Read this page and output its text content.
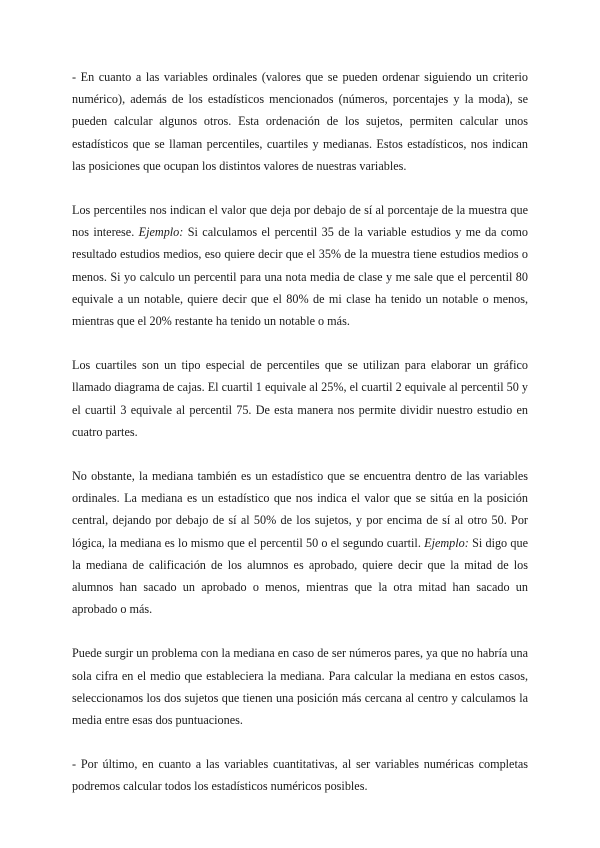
- En cuanto a las variables ordinales (valores que se pueden ordenar siguiendo un criterio numérico), además de los estadísticos mencionados (números, porcentajes y la moda), se pueden calcular algunos otros. Esta ordenación de los sujetos, permiten calcular unos estadísticos que se llaman percentiles, cuartiles y medianas. Estos estadísticos, nos indican las posiciones que ocupan los distintos valores de nuestras variables.

Los percentiles nos indican el valor que deja por debajo de sí al porcentaje de la muestra que nos interese. Ejemplo: Si calculamos el percentil 35 de la variable estudios y me da como resultado estudios medios, eso quiere decir que el 35% de la muestra tiene estudios medios o menos. Si yo calculo un percentil para una nota media de clase y me sale que el percentil 80 equivale a un notable, quiere decir que el 80% de mi clase ha tenido un notable o menos, mientras que el 20% restante ha tenido un notable o más.

Los cuartiles son un tipo especial de percentiles que se utilizan para elaborar un gráfico llamado diagrama de cajas. El cuartil 1 equivale al 25%, el cuartil 2 equivale al percentil 50 y el cuartil 3 equivale al percentil 75. De esta manera nos permite dividir nuestro estudio en cuatro partes.

No obstante, la mediana también es un estadístico que se encuentra dentro de las variables ordinales. La mediana es un estadístico que nos indica el valor que se sitúa en la posición central, dejando por debajo de sí al 50% de los sujetos, y por encima de sí al otro 50. Por lógica, la mediana es lo mismo que el percentil 50 o el segundo cuartil. Ejemplo: Si digo que la mediana de calificación de los alumnos es aprobado, quiere decir que la mitad de los alumnos han sacado un aprobado o menos, mientras que la otra mitad han sacado un aprobado o más.

Puede surgir un problema con la mediana en caso de ser números pares, ya que no habría una sola cifra en el medio que estableciera la mediana. Para calcular la mediana en estos casos, seleccionamos los dos sujetos que tienen una posición más cercana al centro y calculamos la media entre esas dos puntuaciones.

- Por último, en cuanto a las variables cuantitativas, al ser variables numéricas completas podremos calcular todos los estadísticos numéricos posibles.
